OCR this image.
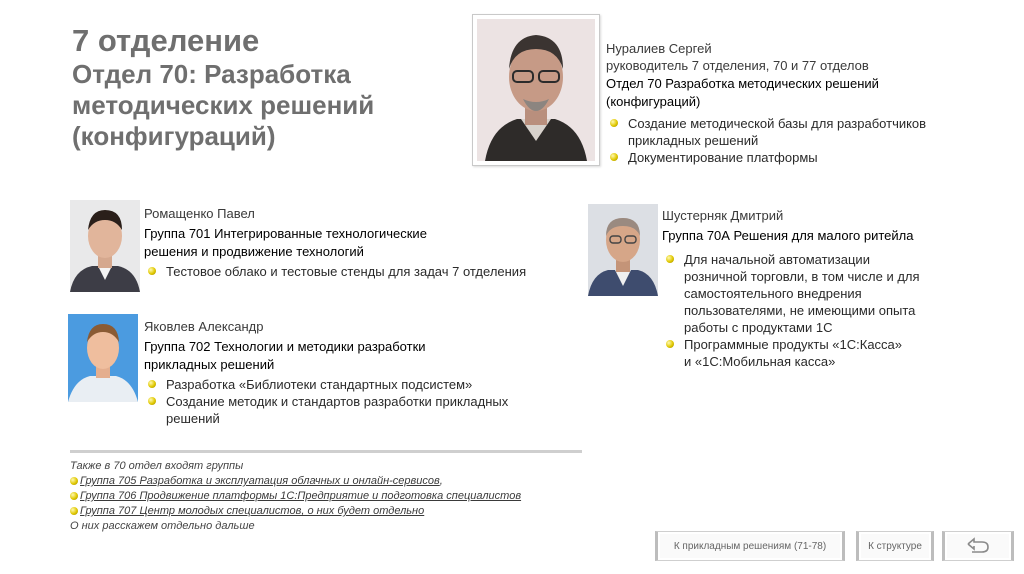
7 отделение
Отдел 70: Разработка
методических решений
(конфигураций)
Нуралиев Сергей
руководитель 7 отделения, 70 и 77 отделов
Отдел 70 Разработка методических решений
(конфигураций)
Создание методической базы для разработчиков
прикладных решений
Документирование платформы
Ромащенко Павел
Группа 701 Интегрированные технологические
решения и продвижение технологий
Тестовое облако и тестовые стенды для задач 7 отделения
Яковлев Александр
Группа 702 Технологии и методики разработки
прикладных решений
Разработка «Библиотеки стандартных подсистем»
Создание методик и стандартов разработки прикладных
решений
Шустерняк Дмитрий
Группа 70А Решения для малого ритейла
Для начальной автоматизации
розничной торговли, в том числе и для
самостоятельного внедрения
пользователями, не имеющими опыта
работы с продуктами 1С
Программные продукты «1С:Касса»
и «1С:Мобильная касса»
Также в 70 отдел входят группы
Группа 705 Разработка и эксплуатация облачных и онлайн-сервисов,
Группа 706 Продвижение платформы 1С:Предприятие и подготовка специалистов
Группа 707 Центр молодых специалистов, о них будет отдельно
О них расскажем отдельно дальше
К прикладным решениям (71-78)	К структуре
